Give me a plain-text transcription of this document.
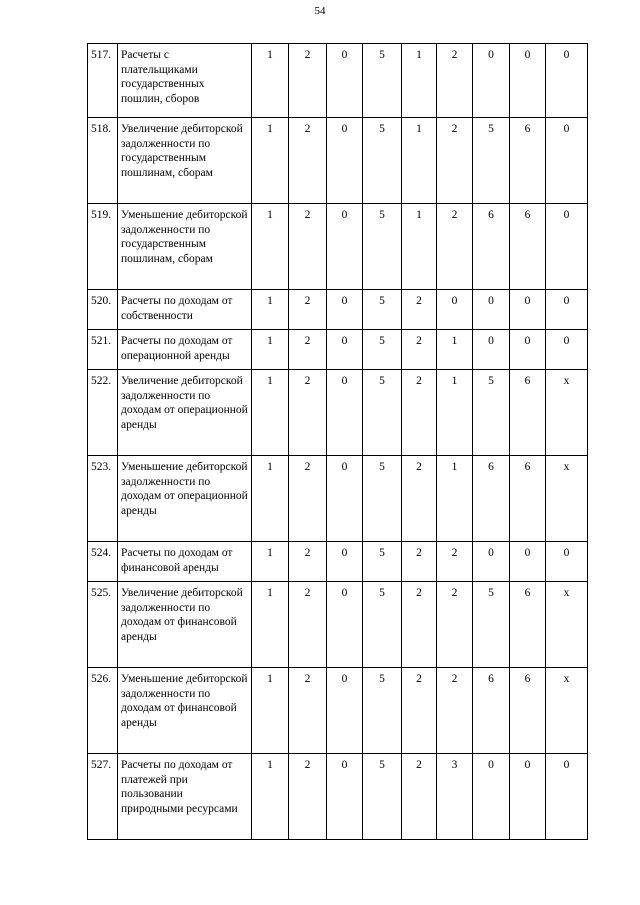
54
517.	Расчеты с плательщиками государственных пошлин, сборов	1	2	0	5	1	2	0	0	0
518.	Увеличение дебиторской задолженности по государственным пошлинам, сборам	1	2	0	5	1	2	5	6	0
519.	Уменьшение дебиторской задолженности по государственным пошлинам, сборам	1	2	0	5	1	2	6	6	0
520.	Расчеты по доходам от собственности	1	2	0	5	2	0	0	0	0
521.	Расчеты по доходам от операционной аренды	1	2	0	5	2	1	0	0	0
522.	Увеличение дебиторской задолженности по доходам от операционной аренды	1	2	0	5	2	1	5	6	x
523.	Уменьшение дебиторской задолженности по доходам от операционной аренды	1	2	0	5	2	1	6	6	x
524.	Расчеты по доходам от финансовой аренды	1	2	0	5	2	2	0	0	0
525.	Увеличение дебиторской задолженности по доходам от финансовой аренды	1	2	0	5	2	2	5	6	x
526.	Уменьшение дебиторской задолженности по доходам от финансовой аренды	1	2	0	5	2	2	6	6	x
527.	Расчеты по доходам от платежей при пользовании природными ресурсами	1	2	0	5	2	3	0	0	0
